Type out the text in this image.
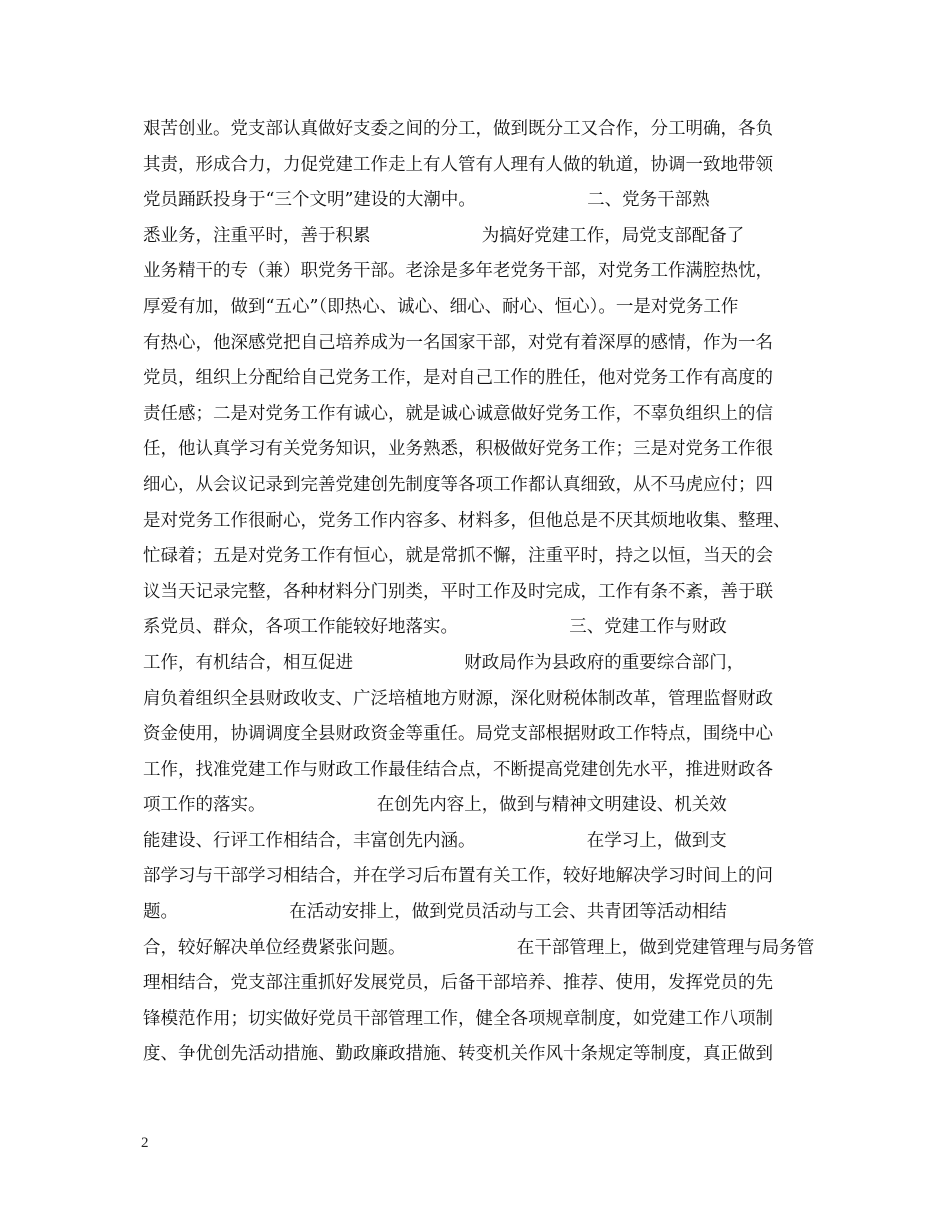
艰苦创业。党支部认真做好支委之间的分工，做到既分工又合作，分工明确，各负
其责，形成合力，力促党建工作走上有人管有人理有人做的轨道，协调一致地带领
党员踊跃投身于“三个文明”建设的大潮中。                    二、党务干部熟
悉业务，注重平时，善于积累                    为搞好党建工作，局党支部配备了
业务精干的专（兼）职党务干部。老涂是多年老党务干部，对党务工作满腔热忱，
厚爱有加，做到“五心”（即热心、诚心、细心、耐心、恒心）。一是对党务工作
有热心，他深感党把自己培养成为一名国家干部，对党有着深厚的感情，作为一名
党员，组织上分配给自己党务工作，是对自己工作的胜任，他对党务工作有高度的
责任感；二是对党务工作有诚心，就是诚心诚意做好党务工作，不辜负组织上的信
任，他认真学习有关党务知识，业务熟悉，积极做好党务工作；三是对党务工作很
细心，从会议记录到完善党建创先制度等各项工作都认真细致，从不马虎应付；四
是对党务工作很耐心，党务工作内容多、材料多，但他总是不厌其烦地收集、整理、
忙碌着；五是对党务工作有恒心，就是常抓不懈，注重平时，持之以恒，当天的会
议当天记录完整，各种材料分门别类，平时工作及时完成，工作有条不紊，善于联
系党员、群众，各项工作能较好地落实。                    三、党建工作与财政
工作，有机结合，相互促进                    财政局作为县政府的重要综合部门，
肩负着组织全县财政收支、广泛培植地方财源，深化财税体制改革，管理监督财政
资金使用，协调调度全县财政资金等重任。局党支部根据财政工作特点，围绕中心
工作，找准党建工作与财政工作最佳结合点，不断提高党建创先水平，推进财政各
项工作的落实。                    在创先内容上，做到与精神文明建设、机关效
能建设、行评工作相结合，丰富创先内涵。                    在学习上，做到支
部学习与干部学习相结合，并在学习后布置有关工作，较好地解决学习时间上的问
题。                    在活动安排上，做到党员活动与工会、共青团等活动相结
合，较好解决单位经费紧张问题。                    在干部管理上，做到党建管理与局务管
理相结合，党支部注重抓好发展党员，后备干部培养、推荐、使用，发挥党员的先
锋模范作用；切实做好党员干部管理工作，健全各项规章制度，如党建工作八项制
度、争优创先活动措施、勤政廉政措施、转变机关作风十条规定等制度，真正做到
2
